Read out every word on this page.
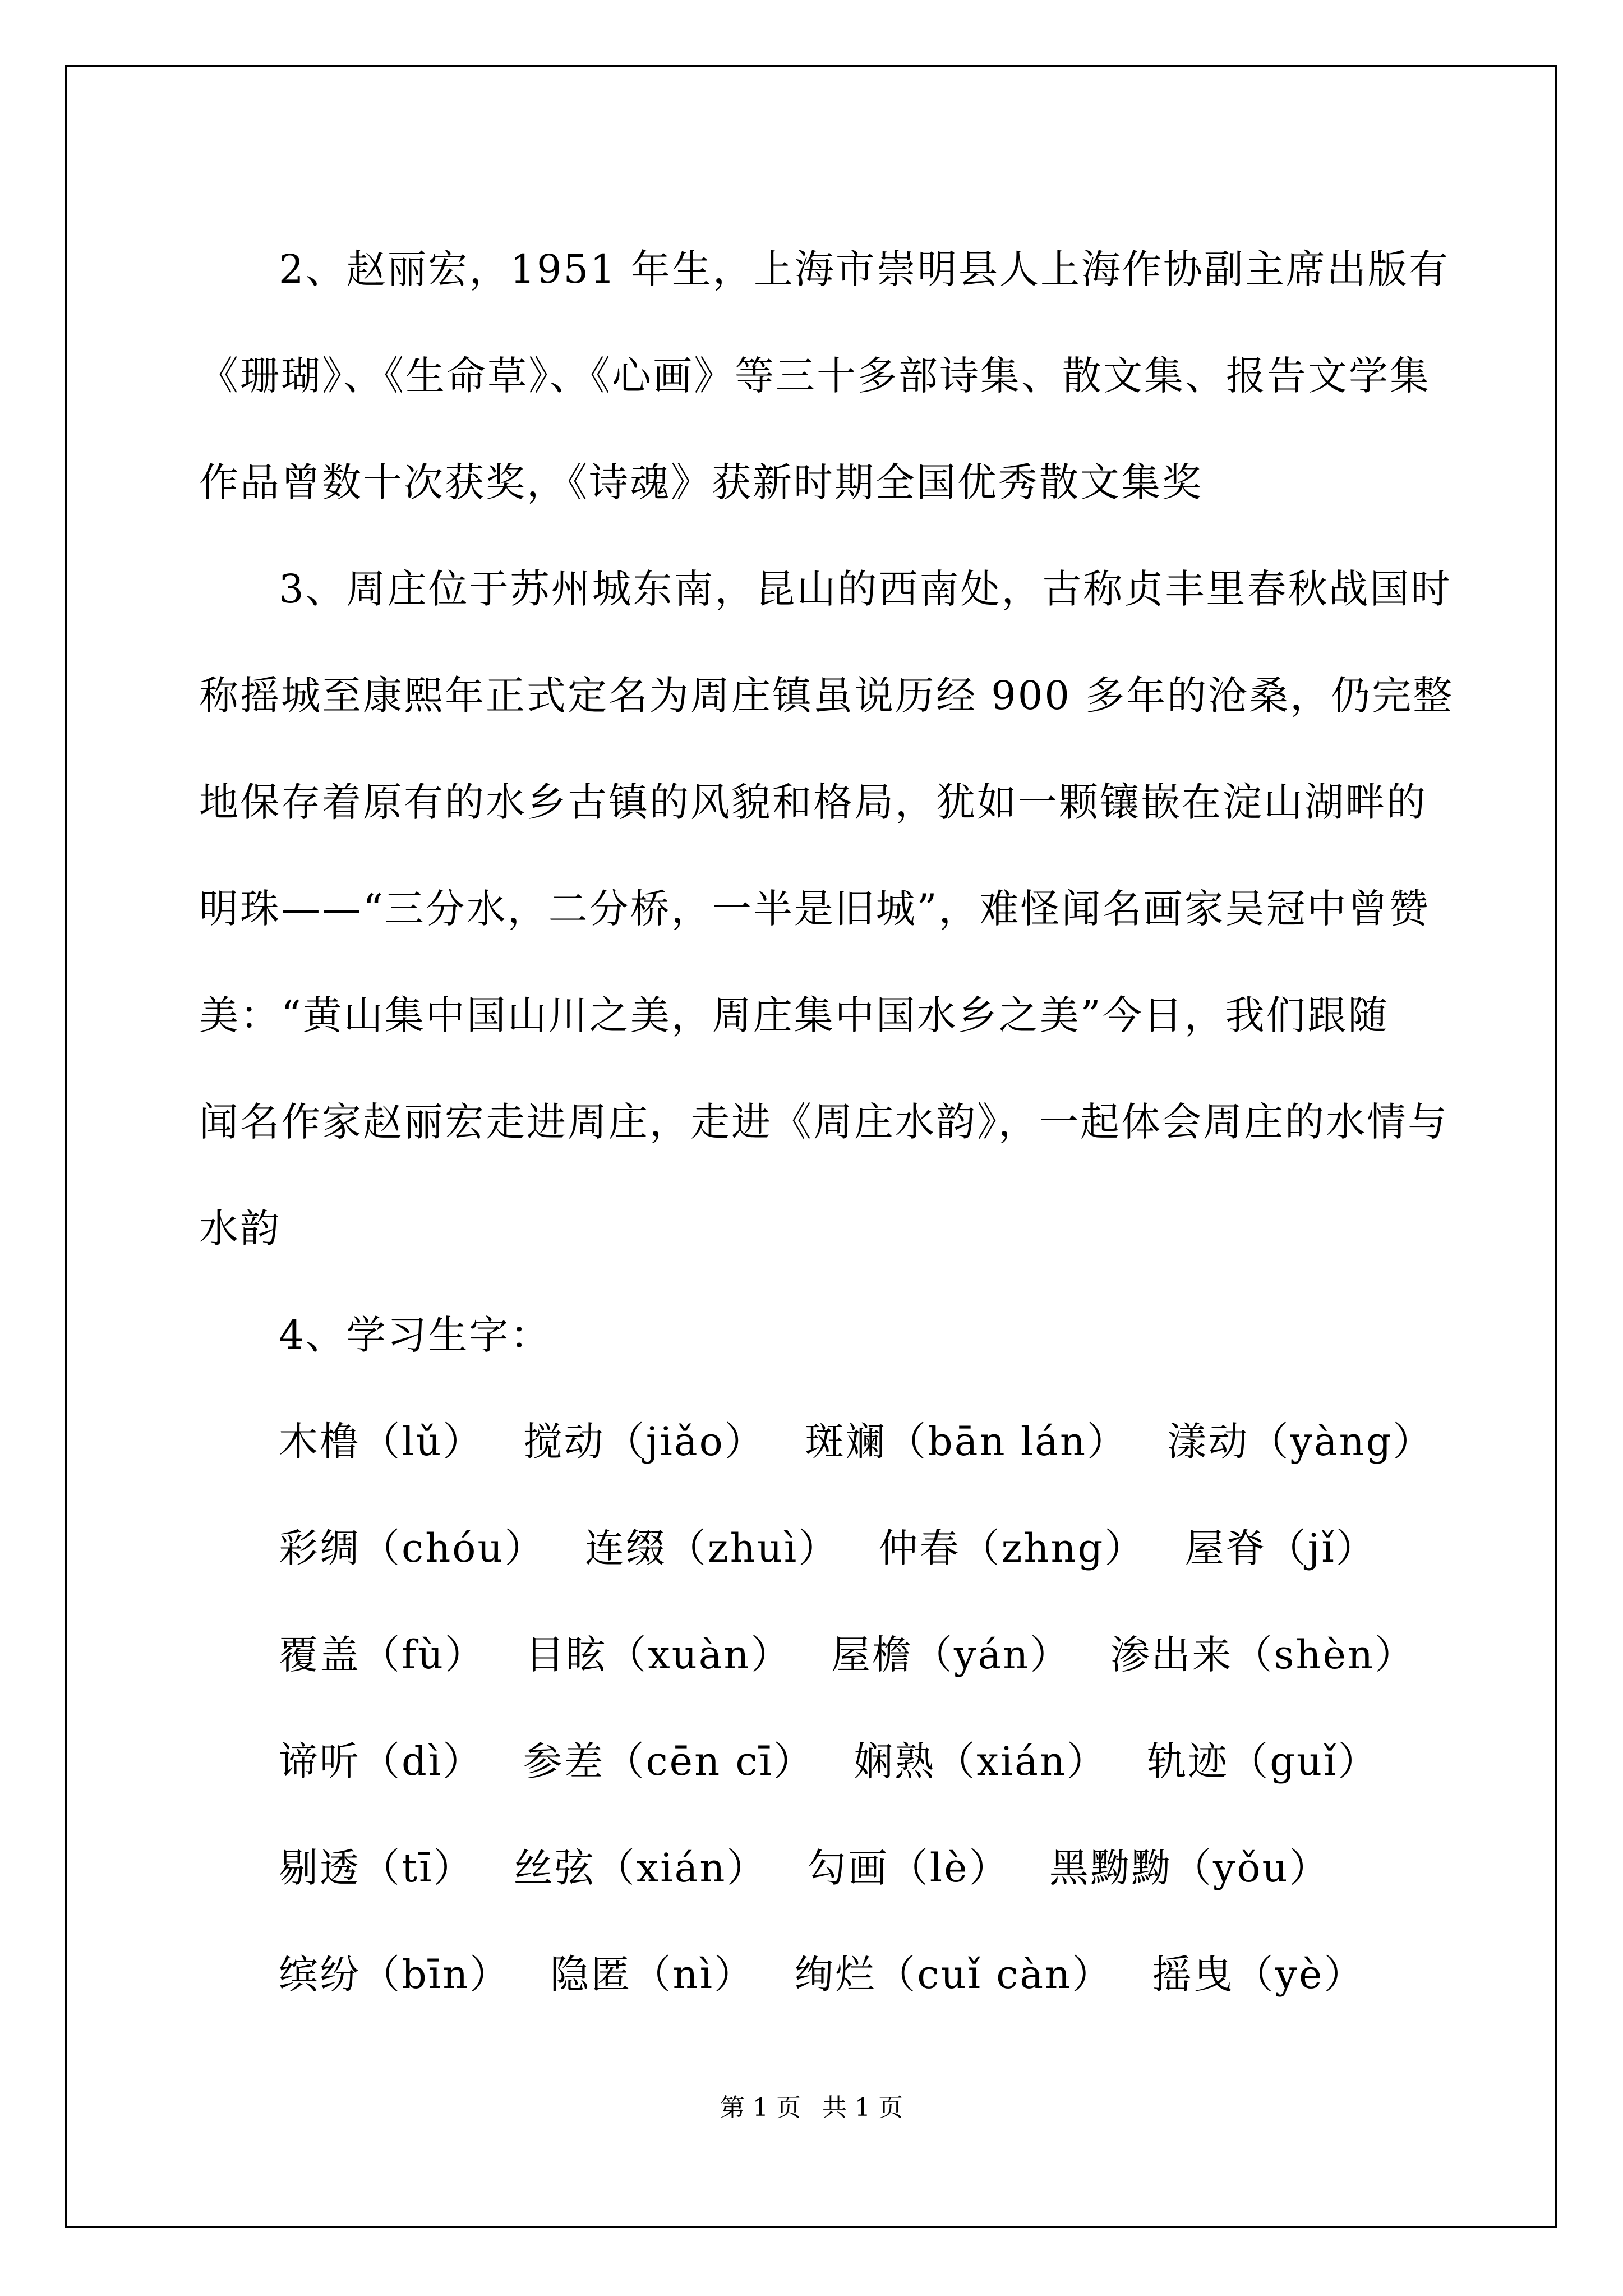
2、赵丽宏，1951 年生，上海市崇明县人上海作协副主席出版有
《珊瑚》、《生命草》、《心画》等三十多部诗集、散文集、报告文学集
作品曾数十次获奖，《诗魂》获新时期全国优秀散文集奖
3、周庄位于苏州城东南，昆山的西南处，古称贞丰里春秋战国时
称摇城至康熙年正式定名为周庄镇虽说历经 900 多年的沧桑，仍完整
地保存着原有的水乡古镇的风貌和格局，犹如一颗镶嵌在淀山湖畔的
明珠——“三分水，二分桥，一半是旧城”，难怪闻名画家吴冠中曾赞
美：“黄山集中国山川之美，周庄集中国水乡之美”今日，我们跟随
闻名作家赵丽宏走进周庄，走进《周庄水韵》，一起体会周庄的水情与
水韵
4、学习生字：
木橹（lǔ） 搅动（jiǎo） 斑斓（bān lán） 漾动（yàng）
彩绸（chóu） 连缀（zhuì） 仲春（zhng） 屋脊（jǐ）
覆盖（fù） 目眩（xuàn） 屋檐（yán） 渗出来（shèn）
谛听（dì） 参差（cēn cī） 娴熟（xián） 轨迹（guǐ）
剔透（tī） 丝弦（xián） 勾画（lè） 黑黝黝（yǒu）
缤纷（bīn） 隐匿（nì） 绚烂（cuǐ càn） 摇曳（yè）
第 1 页 共 1 页
